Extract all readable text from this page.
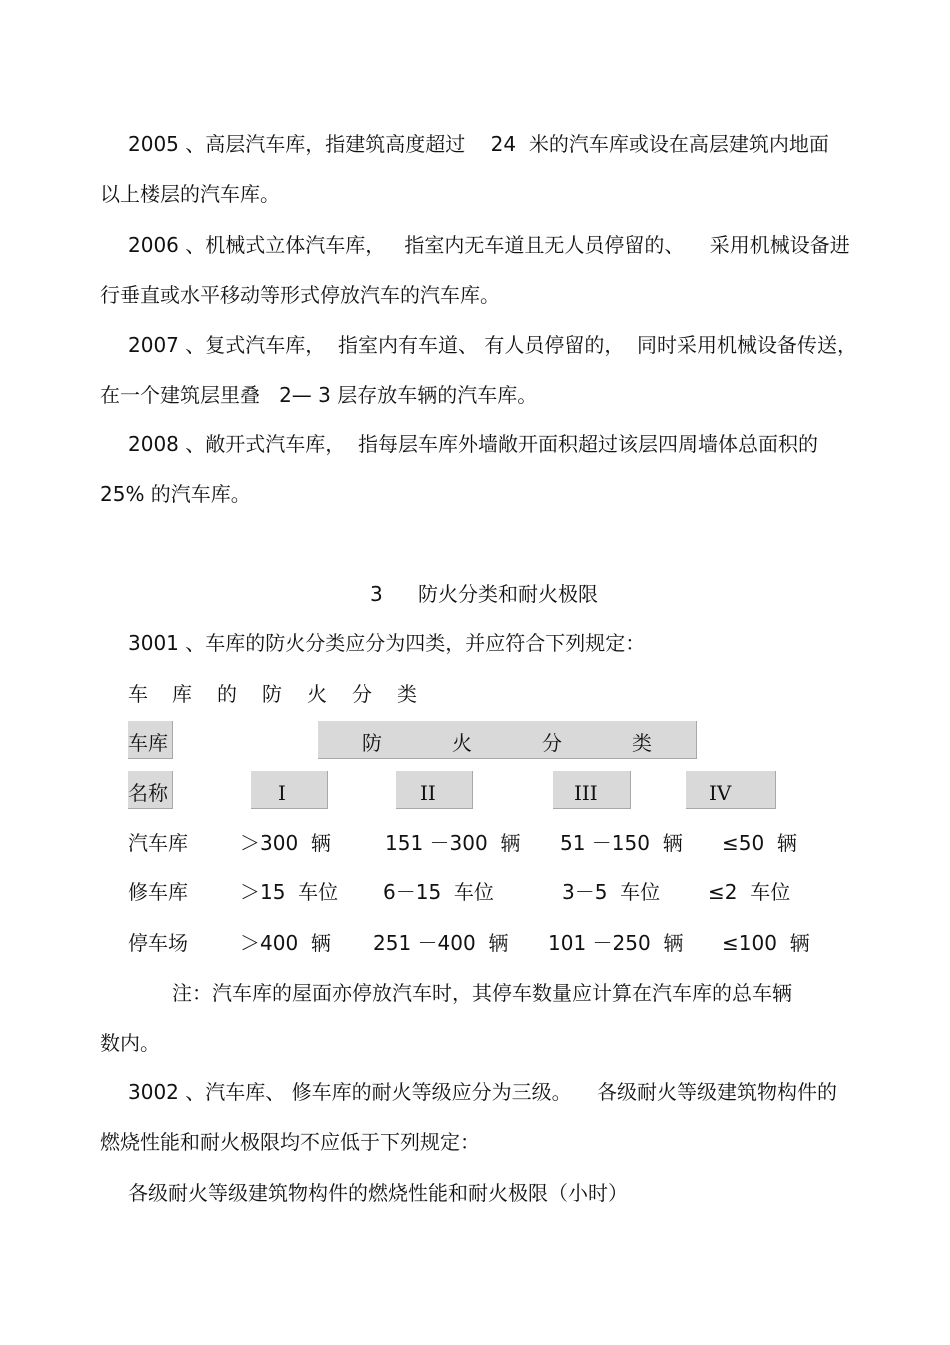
2005 、高层汽车库，指建筑高度超过    24  米的汽车库或设在高层建筑内地面
以上楼层的汽车库。
2006 、机械式立体汽车库，   指室内无车道且无人员停留的、    采用机械设备进
行垂直或水平移动等形式停放汽车的汽车库。
2007 、复式汽车库，  指室内有车道、 有人员停留的，  同时采用机械设备传送，
在一个建筑层里叠   2— 3 层存放车辆的汽车库。
2008 、敞开式汽车库，  指每层车库外墙敞开面积超过该层四周墙体总面积的
25% 的汽车库。
3 防火分类和耐火极限
3001 、车库的防火分类应分为四类，并应符合下列规定：
车 库 的 防 火 分 类
车库	防	火	分	类
名称	I	II	III	IV
汽车库	＞300  辆	151 －300  辆 51 －150  辆 ≤50  辆
修车库	＞15  车位 6－15  车位	3－5  车位 ≤2  车位
停车场	＞400  辆 251 －400  辆 101 －250  辆 ≤100  辆
注：汽车库的屋面亦停放汽车时，其停车数量应计算在汽车库的总车辆
数内。
3002 、汽车库、 修车库的耐火等级应分为三级。    各级耐火等级建筑物构件的
燃烧性能和耐火极限均不应低于下列规定：
各级耐火等级建筑物构件的燃烧性能和耐火极限（小时）
